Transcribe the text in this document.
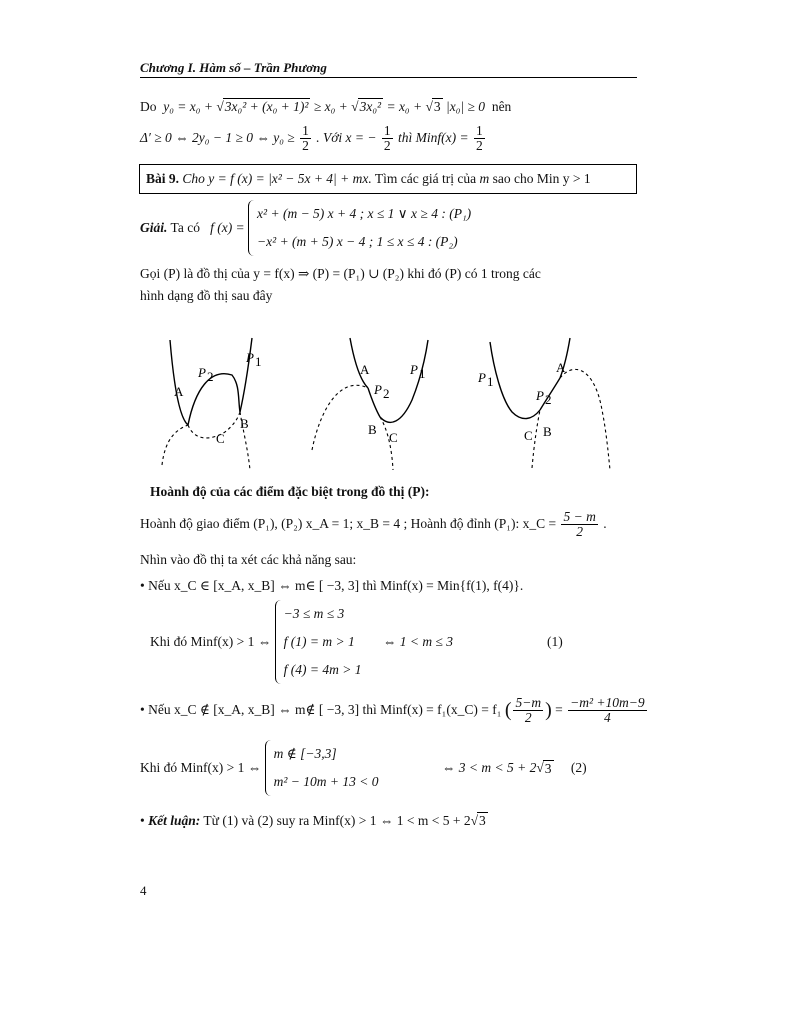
Chương I. Hàm số – Trần Phương
Do y₀ = x₀ + √3x₀² + (x₀ + 1)² ≥ x₀ + √3x₀² = x₀ + √3 |x₀| ≥ 0 nên
Δ′ ≥ 0 ⇔ 2y₀ − 1 ≥ 0 ⇔ $y_0 \ge \frac{1}{2}$ . Với x = − $\frac{1}{2}$ thì Minf(x) = $\frac{1}{2}$
Bài 9. Cho y = f (x) = |x² − 5x + 4| + mx. Tìm các giá trị của m sao cho Min y > 1
Giải. Ta có f (x) =
x² + (m − 5) x + 4 ; x ≤ 1 ∨ x ≥ 4 : (P₁)
−x² + (m + 5) x − 4 ; 1 ≤ x ≤ 4 : (P₂)
Gọi (P) là đồ thị của y = f(x) ⇒ (P) = (P₁) ∪ (P₂) khi đó (P) có 1 trong các
hình dạng đồ thị sau đây
P 1
P 2
A
B
C
A	P 1
P 2
B
C
P 1
A
P 2
C B
Hoành độ của các điểm đặc biệt trong đồ thị (P):
Hoành độ giao điểm (P₁), (P₂) x_A = 1; x_B = 4 ; Hoành độ đỉnh (P₁): x_C = $\frac{5 - m}{2}$ .
Nhìn vào đồ thị ta xét các khả năng sau:
• Nếu x_C ∈ [x_A, x_B] ⇔ m∈ [ −3, 3] thì Minf(x) = Min{f(1), f(4)}.
Khi đó Minf(x) > 1 ⇔
−3 ≤ m ≤ 3
f (1) = m > 1
f (4) = 4m > 1
⇔ 1 < m ≤ 3	(1)
• Nếu x_C ∉ [x_A, x_B] ⇔ m∉ [ −3, 3] thì Minf(x) = f₁(x_C) = f₁ ( $\frac{5-m}{2}$ ) = $\frac{\text{−m² +10m−9}}{4}$
Khi đó Minf(x) > 1 ⇔
m ∉ [−3,3]
m² − 10m + 13 < 0
⇔ 3 < m < 5 + 2√3 (2)
• Kết luận: Từ (1) và (2) suy ra Minf(x) > 1 ⇔ 1 < m < 5 + 2√3
4
